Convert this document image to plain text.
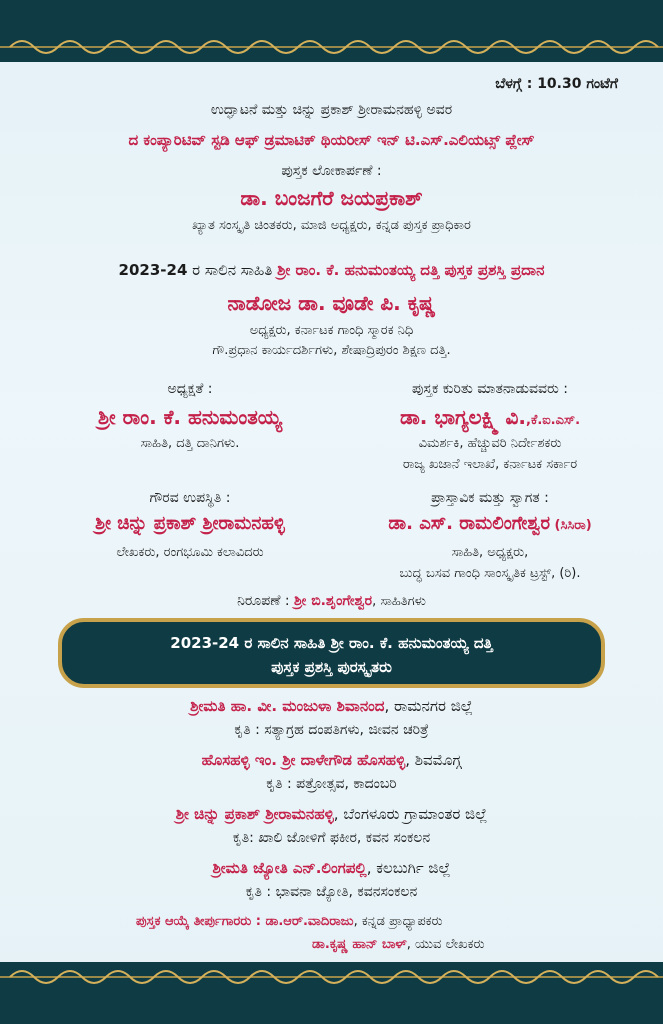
ಬೆಳಗ್ಗೆ : 10.30 ಗಂಟೆಗೆ
ಉದ್ಘಾಟನೆ ಮತ್ತು ಚಿನ್ನು ಪ್ರಕಾಶ್ ಶ್ರೀರಾಮನಹಳ್ಳಿ ಅವರ
ದ ಕಂಪ್ಯಾರಿಟಿವ್ ಸ್ಟಡಿ ಆಫ್ ಡ್ರಮಾಟಿಕ್ ಥಿಯರೀಸ್ ಇನ್ ಟಿ.ಎಸ್.ಎಲಿಯಟ್ಸ್ ಪ್ಲೇಸ್
ಪುಸ್ತಕ ಲೋಕಾರ್ಪಣೆ :
ಡಾ. ಬಂಜಗೆರೆ ಜಯಪ್ರಕಾಶ್
ಖ್ಯಾತ ಸಂಸ್ಕೃತಿ ಚಿಂತಕರು, ಮಾಜಿ ಅಧ್ಯಕ್ಷರು, ಕನ್ನಡ ಪುಸ್ತಕ ಪ್ರಾಧಿಕಾರ
2023-24 ರ ಸಾಲಿನ ಸಾಹಿತಿ ಶ್ರೀ ರಾಂ. ಕೆ. ಹನುಮಂತಯ್ಯ ದತ್ತಿ ಪುಸ್ತಕ ಪ್ರಶಸ್ತಿ ಪ್ರದಾನ
ನಾಡೋಜ ಡಾ. ವೂಡೇ ಪಿ. ಕೃಷ್ಣ
ಅಧ್ಯಕ್ಷರು, ಕರ್ನಾಟಕ ಗಾಂಧಿ ಸ್ಮಾರಕ ನಿಧಿ
ಗೌ.ಪ್ರಧಾನ ಕಾರ್ಯದರ್ಶಿಗಳು, ಶೇಷಾದ್ರಿಪುರಂ ಶಿಕ್ಷಣ ದತ್ತಿ.
ಅಧ್ಯಕ್ಷತೆ :
ಶ್ರೀ ರಾಂ. ಕೆ. ಹನುಮಂತಯ್ಯ
ಸಾಹಿತಿ, ದತ್ತಿ ದಾನಿಗಳು.
ಪುಸ್ತಕ ಕುರಿತು ಮಾತನಾಡುವವರು :
ಡಾ. ಭಾಗ್ಯಲಕ್ಷ್ಮಿ ವಿ.,ಕೆ.ಐ.ಎಸ್.
ವಿಮರ್ಶಕಿ, ಹೆಚ್ಚುವರಿ ನಿರ್ದೇಶಕರು
ರಾಜ್ಯ ಖಜಾನೆ ಇಲಾಖೆ, ಕರ್ನಾಟಕ ಸರ್ಕಾರ
ಗೌರವ ಉಪಸ್ಥಿತಿ :
ಶ್ರೀ ಚಿನ್ನು ಪ್ರಕಾಶ್ ಶ್ರೀರಾಮನಹಳ್ಳಿ
ಲೇಖಕರು, ರಂಗಭೂಮಿ ಕಲಾವಿದರು
ಪ್ರಾಸ್ತಾವಿಕ ಮತ್ತು ಸ್ವಾಗತ :
ಡಾ. ಎಸ್. ರಾಮಲಿಂಗೇಶ್ವರ (ಸಿಸಿರಾ)
ಸಾಹಿತಿ, ಅಧ್ಯಕ್ಷರು,
ಬುದ್ಧ ಬಸವ ಗಾಂಧಿ ಸಾಂಸ್ಕೃತಿಕ ಟ್ರಸ್ಟ್, (ರಿ).
ನಿರೂಪಣೆ : ಶ್ರೀ ಬಿ.ಶೃಂಗೇಶ್ವರ, ಸಾಹಿತಿಗಳು
2023-24 ರ ಸಾಲಿನ ಸಾಹಿತಿ ಶ್ರೀ ರಾಂ. ಕೆ. ಹನುಮಂತಯ್ಯ ದತ್ತಿ
ಪುಸ್ತಕ ಪ್ರಶಸ್ತಿ ಪುರಸ್ಕೃತರು
ಶ್ರೀಮತಿ ಹಾ. ವೀ. ಮಂಜುಳಾ ಶಿವಾನಂದ, ರಾಮನಗರ ಜಿಲ್ಲೆ
ಕೃತಿ : ಸತ್ಯಾಗ್ರಹ ದಂಪತಿಗಳು, ಜೀವನ ಚರಿತ್ರೆ
ಹೊಸಹಳ್ಳಿ ಇಂ. ಶ್ರೀ ದಾಳೇಗೌಡ ಹೊಸಹಳ್ಳಿ, ಶಿವಮೊಗ್ಗ
ಕೃತಿ : ಪತ್ರೋತ್ಸವ, ಕಾದಂಬರಿ
ಶ್ರೀ ಚಿನ್ನು ಪ್ರಕಾಶ್ ಶ್ರೀರಾಮನಹಳ್ಳಿ, ಬೆಂಗಳೂರು ಗ್ರಾಮಾಂತರ ಜಿಲ್ಲೆ
ಕೃತಿ: ಖಾಲಿ ಜೋಳಿಗೆ ಫಕೀರ, ಕವನ ಸಂಕಲನ
ಶ್ರೀಮತಿ ಜ್ಯೋತಿ ಎನ್.ಲಿಂಗಪಲ್ಲಿ, ಕಲಬುರ್ಗಿ ಜಿಲ್ಲೆ
ಕೃತಿ : ಭಾವನಾ ಜ್ಯೋತಿ, ಕವನಸಂಕಲನ
ಪುಸ್ತಕ ಆಯ್ಕೆ ತೀರ್ಪುಗಾರರು : ಡಾ.ಆರ್.ವಾದಿರಾಜು, ಕನ್ನಡ ಪ್ರಾಧ್ಯಾಪಕರು
ಡಾ.ಕೃಷ್ಣ ಹಾನ್ ಬಾಳ್, ಯುವ ಲೇಖಕರು
